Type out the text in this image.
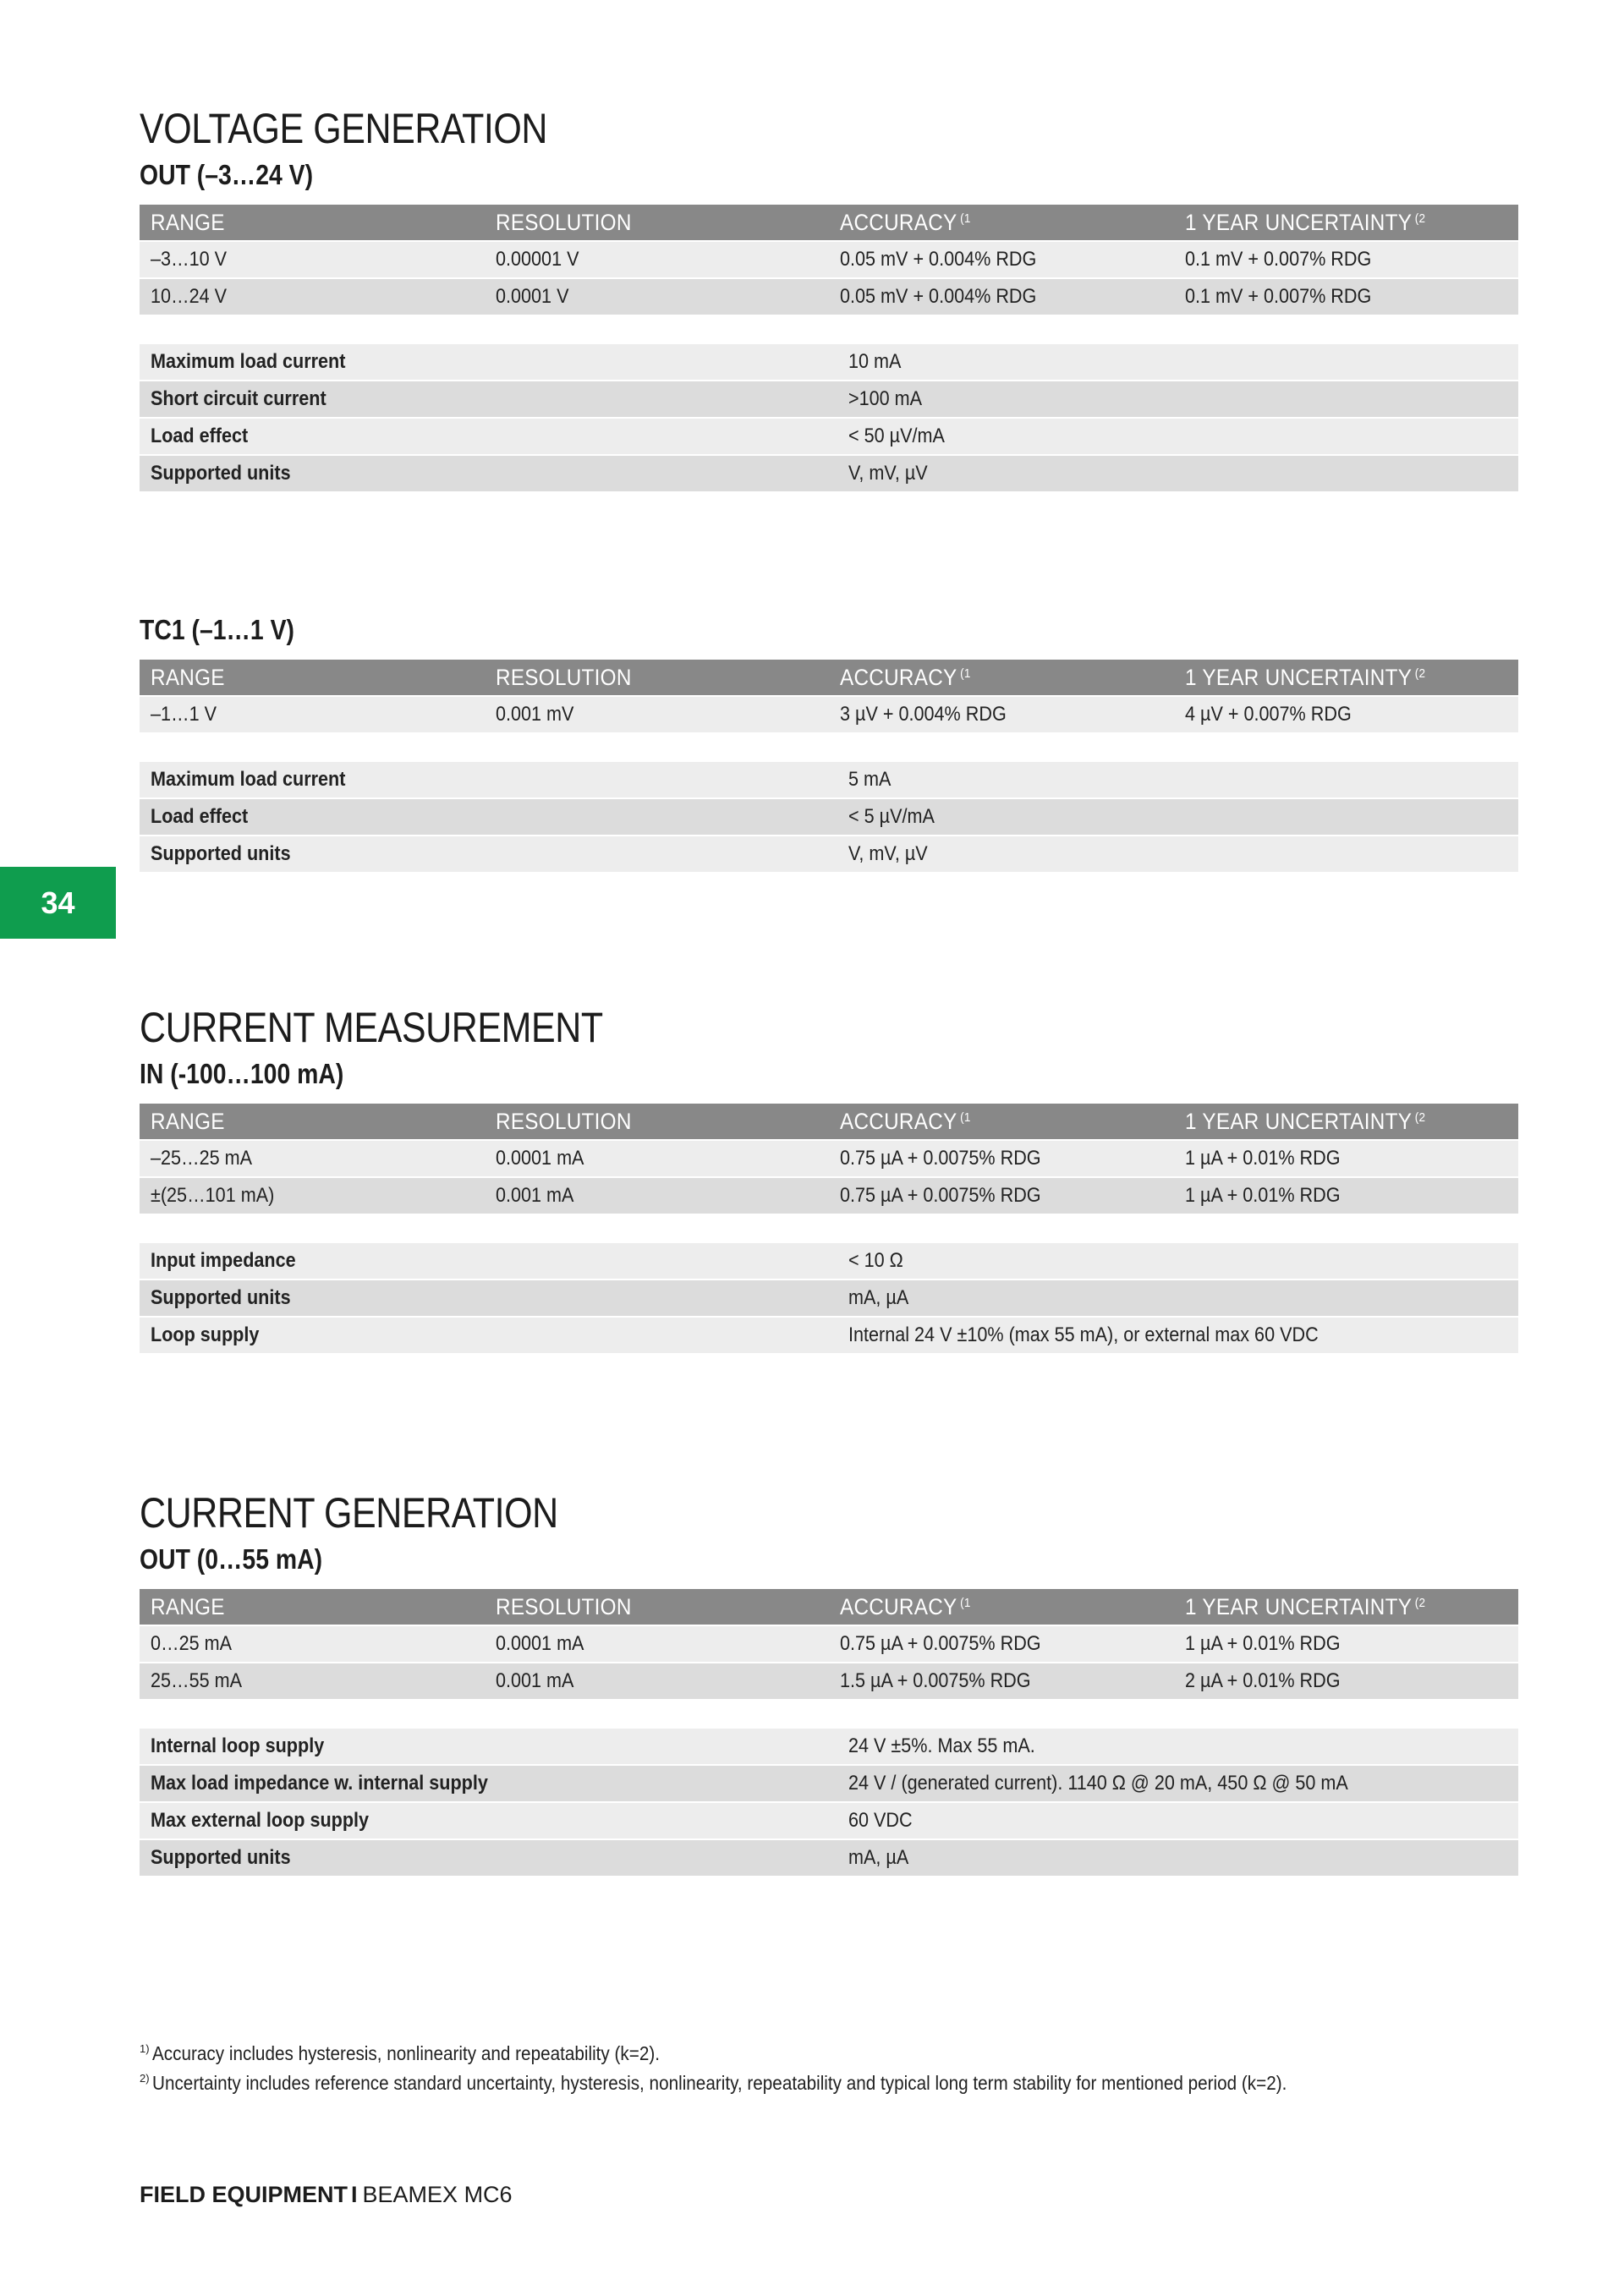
34
VOLTAGE GENERATION
OUT (–3…24 V)
RANGE	RESOLUTION	ACCURACY $^{(1}$	1 YEAR UNCERTAINTY $^{(2}$
–3…10 V	0.00001 V	0.05 mV + 0.004% RDG	0.1 mV + 0.007% RDG
10…24 V	0.0001 V	0.05 mV + 0.004% RDG	0.1 mV + 0.007% RDG
Maximum load current	10 mA
Short circuit current	>100 mA
Load effect	< 50 µV/mA
Supported units	V, mV, µV
TC1 (–1…1 V)
RANGE	RESOLUTION	ACCURACY $^{(1}$	1 YEAR UNCERTAINTY $^{(2}$
–1…1 V	0.001 mV	3 µV + 0.004% RDG	4 µV + 0.007% RDG
Maximum load current	5 mA
Load effect	< 5 µV/mA
Supported units	V, mV, µV
CURRENT MEASUREMENT
IN (-100…100 mA)
RANGE	RESOLUTION	ACCURACY $^{(1}$	1 YEAR UNCERTAINTY $^{(2}$
–25…25 mA	0.0001 mA	0.75 µA + 0.0075% RDG	1 µA + 0.01% RDG
±(25…101 mA)	0.001 mA	0.75 µA + 0.0075% RDG	1 µA + 0.01% RDG
Input impedance	< 10 Ω
Supported units	mA, µA
Loop supply	Internal 24 V ±10% (max 55 mA), or external max 60 VDC
CURRENT GENERATION
OUT (0…55 mA)
RANGE	RESOLUTION	ACCURACY $^{(1}$	1 YEAR UNCERTAINTY $^{(2}$
0…25 mA	0.0001 mA	0.75 µA + 0.0075% RDG	1 µA + 0.01% RDG
25…55 mA	0.001 mA	1.5 µA + 0.0075% RDG	2 µA + 0.01% RDG
Internal loop supply	24 V ±5%. Max 55 mA.
Max load impedance w. internal supply	24 V / (generated current). 1140 Ω @ 20 mA, 450 Ω @ 50 mA
Max external loop supply	60 VDC
Supported units	mA, µA
$^{1)}$ Accuracy includes hysteresis, nonlinearity and repeatability (k=2).
$^{2)}$ Uncertainty includes reference standard uncertainty, hysteresis, nonlinearity, repeatability and typical long term stability for mentioned period (k=2).
FIELD EQUIPMENT I BEAMEX MC6
